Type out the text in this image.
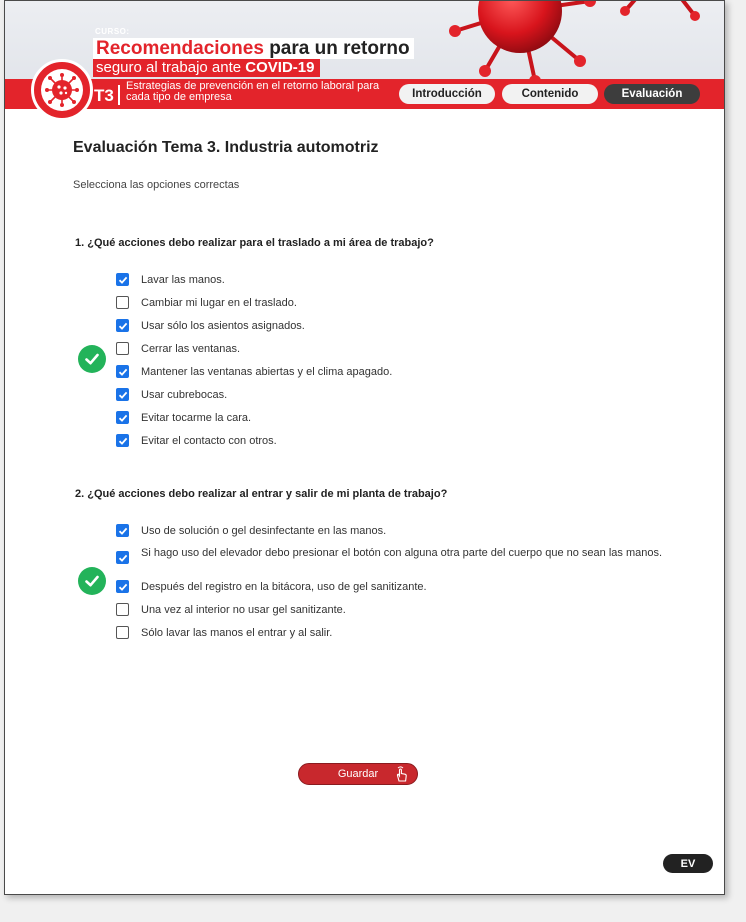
CURSO:
Recomendaciones para un retorno
seguro al trabajo ante COVID-19
T3 Estrategias de prevención en el retorno laboral para cada tipo de empresa	Introducción	Contenido	Evaluación
Evaluación Tema 3. Industria automotriz
Selecciona las opciones correctas
1. ¿Qué acciones debo realizar para el traslado a mi área de trabajo?
Lavar las manos.
Cambiar mi lugar en el traslado.
Usar sólo los asientos asignados.
Cerrar las ventanas.
Mantener las ventanas abiertas y el clima apagado.
Usar cubrebocas.
Evitar tocarme la cara.
Evitar el contacto con otros.
2. ¿Qué acciones debo realizar al entrar y salir de mi planta de trabajo?
Uso de solución o gel desinfectante en las manos.
Si hago uso del elevador debo presionar el botón con alguna otra parte del cuerpo que no sean las manos.
Después del registro en la bitácora, uso de gel sanitizante.
Una vez al interior no usar gel sanitizante.
Sólo lavar las manos el entrar y al salir.
Guardar
EV
